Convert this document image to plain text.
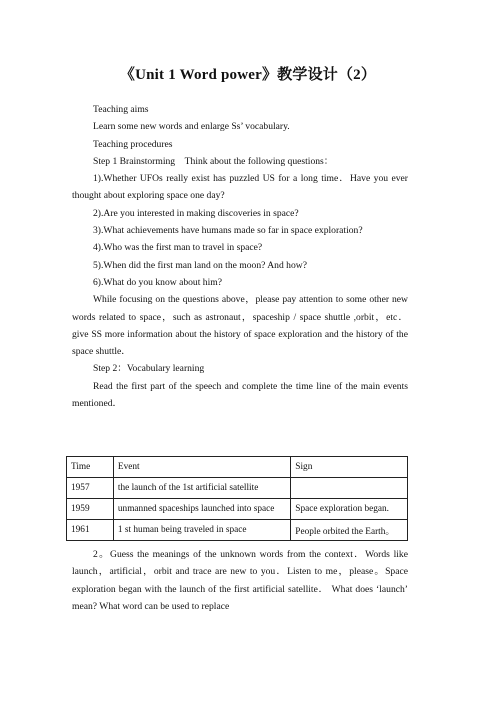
《Unit 1 Word power》教学设计（2）

Teaching aims

Learn some new words and enlarge Ss’ vocabulary.

Teaching procedures

Step 1 Brainstorming　Think about the following questions：

1).Whether UFOs really exist has puzzled US for a long time．Have you ever thought about exploring space one day?

2).Are you interested in making discoveries in space?

3).What achievements have humans made so far in space exploration?

4).Who was the first man to travel in space?

5).When did the first man land on the moon? And how?

6).What do you know about him?

While focusing on the questions above，please pay attention to some other new words related to space，such as astronaut，spaceship / space shuttle ,orbit，etc． give SS more information about the history of space exploration and the history of the space shuttle．

Step 2：Vocabulary learning

Read the first part of the speech and complete the time line of the main events mentioned．

Time	Event	Sign
1957	the launch of the 1st artificial satellite	
1959	unmanned spaceships launched into space	Space exploration began.
1961	1 st human being traveled in space	People orbited the Earth。

2。Guess the meanings of the unknown words from the context．Words like launch，artificial，orbit and trace are new to you．Listen to me，please。Space exploration began with the launch of the first artificial satellite． What does ‘launch’ mean? What word can be used to replace
